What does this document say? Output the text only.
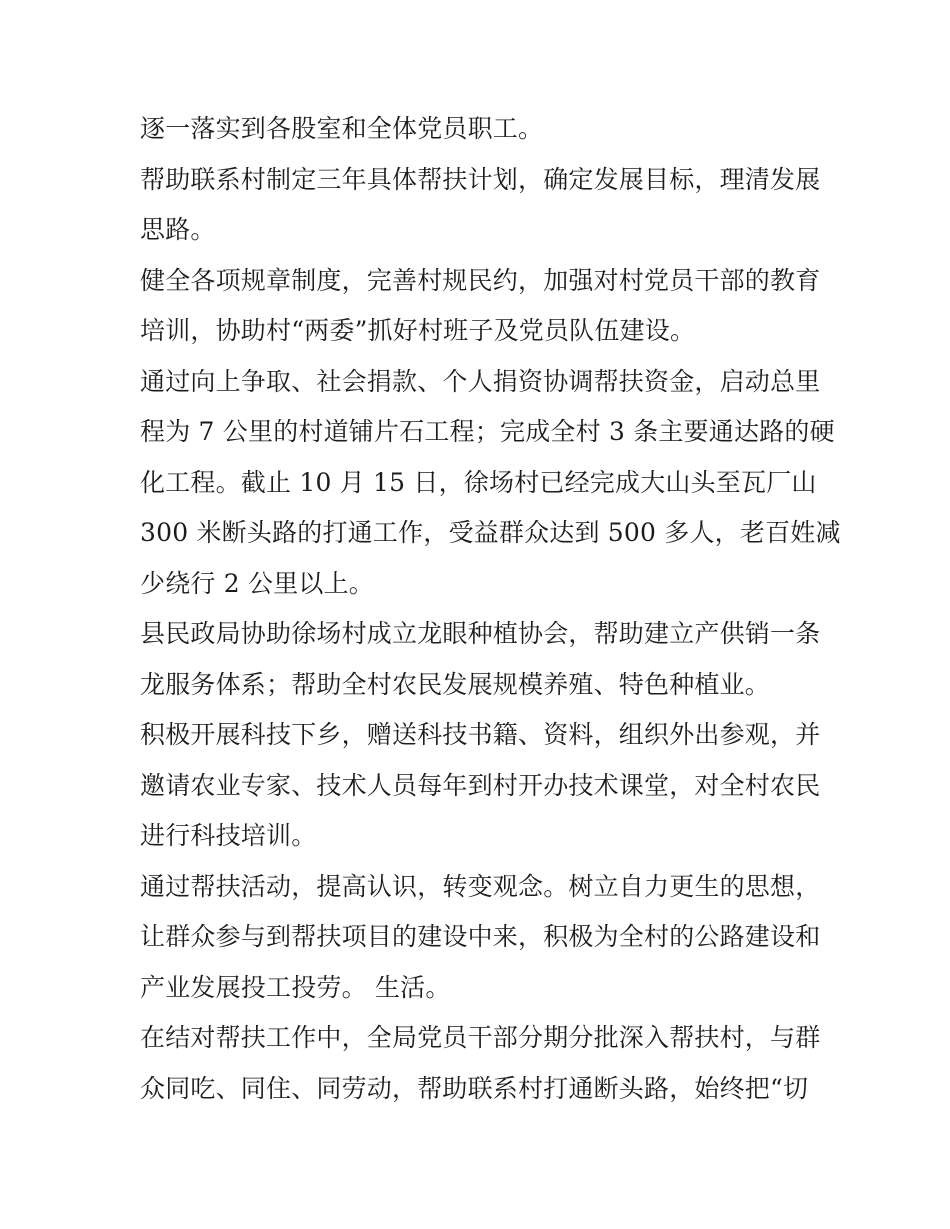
逐一落实到各股室和全体党员职工。
帮助联系村制定三年具体帮扶计划，确定发展目标，理清发展
思路。
健全各项规章制度，完善村规民约，加强对村党员干部的教育
培训，协助村“两委”抓好村班子及党员队伍建设。
通过向上争取、社会捐款、个人捐资协调帮扶资金，启动总里
程为 7 公里的村道铺片石工程；完成全村 3 条主要通达路的硬
化工程。截止 10 月 15 日，徐场村已经完成大山头至瓦厂山
300 米断头路的打通工作，受益群众达到 500 多人，老百姓减
少绕行 2 公里以上。
县民政局协助徐场村成立龙眼种植协会，帮助建立产供销一条
龙服务体系；帮助全村农民发展规模养殖、特色种植业。
积极开展科技下乡，赠送科技书籍、资料，组织外出参观，并
邀请农业专家、技术人员每年到村开办技术课堂，对全村农民
进行科技培训。
通过帮扶活动，提高认识，转变观念。树立自力更生的思想，
让群众参与到帮扶项目的建设中来，积极为全村的公路建设和
产业发展投工投劳。 生活。
在结对帮扶工作中，全局党员干部分期分批深入帮扶村，与群
众同吃、同住、同劳动，帮助联系村打通断头路，始终把“切
